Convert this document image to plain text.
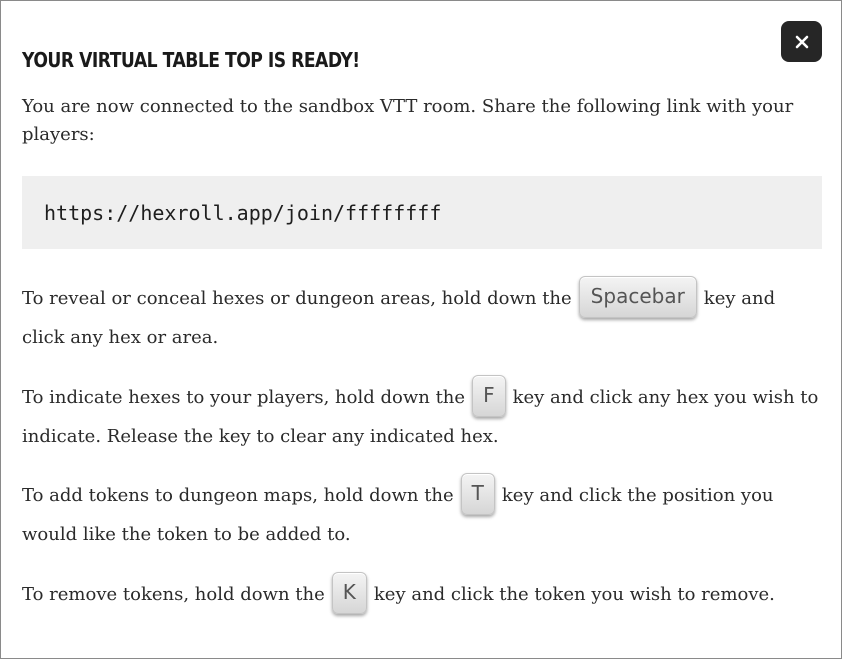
YOUR VIRTUAL TABLE TOP IS READY!

You are now connected to the sandbox VTT room. Share the following link with your players:

https://hexroll.app/join/ffffffff

To reveal or conceal hexes or dungeon areas, hold down the Spacebar key and click any hex or area.

To indicate hexes to your players, hold down the F key and click any hex you wish to indicate. Release the key to clear any indicated hex.

To add tokens to dungeon maps, hold down the T key and click the position you would like the token to be added to.

To remove tokens, hold down the K key and click the token you wish to remove.
